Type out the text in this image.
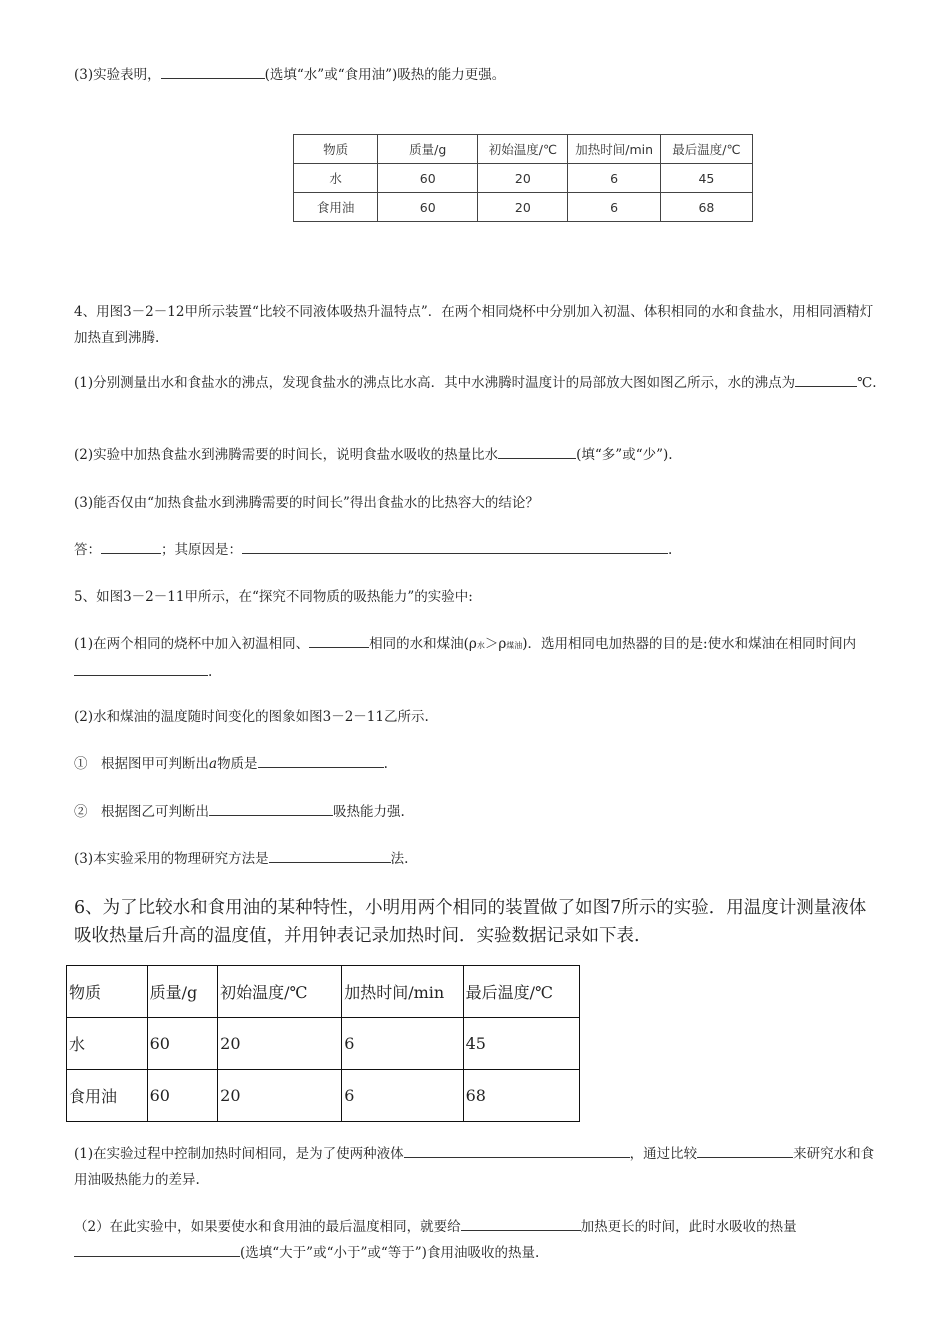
(3)实验表明，	(选填“水”或“食用油”)吸热的能力更强。

物质	质量/g	初始温度/℃	加热时间/min	最后温度/℃
水	60	20	6	45
食用油	60	20	6	68

4、用图3－2－12甲所示装置“比较不同液体吸热升温特点”．在两个相同烧杯中分别加入初温、体积相同的水和食盐水，用相同酒精灯加热直到沸腾.

(1)分别测量出水和食盐水的沸点，发现食盐水的沸点比水高．其中水沸腾时温度计的局部放大图如图乙所示，水的沸点为	℃.

(2)实验中加热食盐水到沸腾需要的时间长，说明食盐水吸收的热量比水	(填“多”或“少”).

(3)能否仅由“加热食盐水到沸腾需要的时间长”得出食盐水的比热容大的结论？

答：	；其原因是：	.

5、如图3－2－11甲所示，在“探究不同物质的吸热能力”的实验中:

(1)在两个相同的烧杯中加入初温相同、	相同的水和煤油(ρ水＞ρ煤油)．选用相同电加热器的目的是:使水和煤油在相同时间内.

(2)水和煤油的温度随时间变化的图象如图3－2－11乙所示.

①　根据图甲可判断出a物质是	.

②　根据图乙可判断出	吸热能力强.

(3)本实验采用的物理研究方法是	法.

6、为了比较水和食用油的某种特性，小明用两个相同的装置做了如图7所示的实验．用温度计测量液体吸收热量后升高的温度值，并用钟表记录加热时间．实验数据记录如下表.

物质	质量/g	初始温度/℃	加热时间/min	最后温度/℃
水	60	20	6	45
食用油	60	20	6	68

(1)在实验过程中控制加热时间相同，是为了使两种液体	，通过比较	来研究水和食用油吸热能力的差异.

（2）在此实验中，如果要使水和食用油的最后温度相同，就要给	加热更长的时间，此时水吸收的热量(选填“大于”或“小于”或“等于”)食用油吸收的热量.
